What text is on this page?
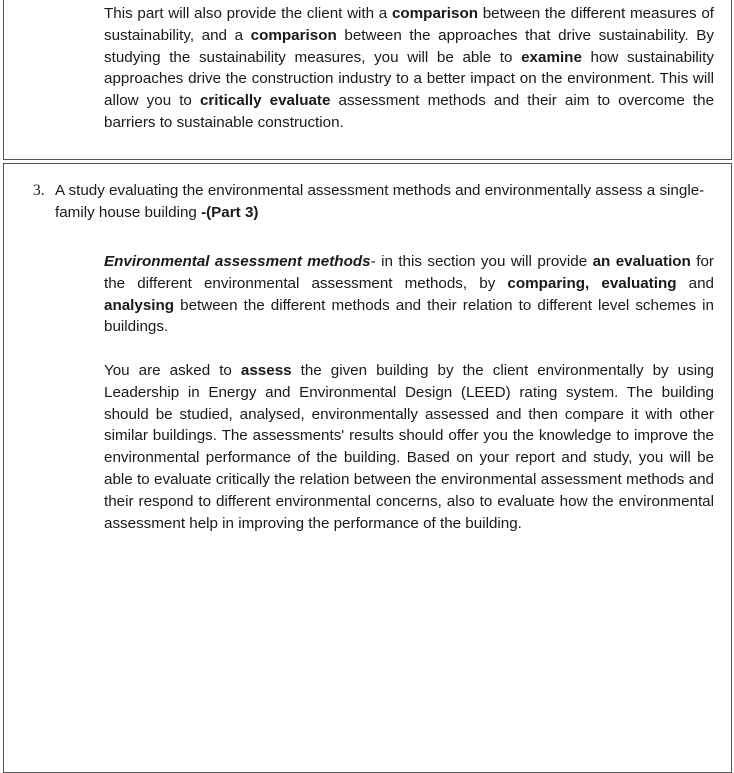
This part will also provide the client with a comparison between the different measures of sustainability, and a comparison between the approaches that drive sustainability. By studying the sustainability measures, you will be able to examine how sustainability approaches drive the construction industry to a better impact on the environment. This will allow you to critically evaluate assessment methods and their aim to overcome the barriers to sustainable construction.

3. A study evaluating the environmental assessment methods and environmentally assess a single-family house building -(Part 3)

Environmental assessment methods- in this section you will provide an evaluation for the different environmental assessment methods, by comparing, evaluating and analysing between the different methods and their relation to different level schemes in buildings.

You are asked to assess the given building by the client environmentally by using Leadership in Energy and Environmental Design (LEED) rating system. The building should be studied, analysed, environmentally assessed and then compare it with other similar buildings. The assessments' results should offer you the knowledge to improve the environmental performance of the building. Based on your report and study, you will be able to evaluate critically the relation between the environmental assessment methods and their respond to different environmental concerns, also to evaluate how the environmental assessment help in improving the performance of the building.
